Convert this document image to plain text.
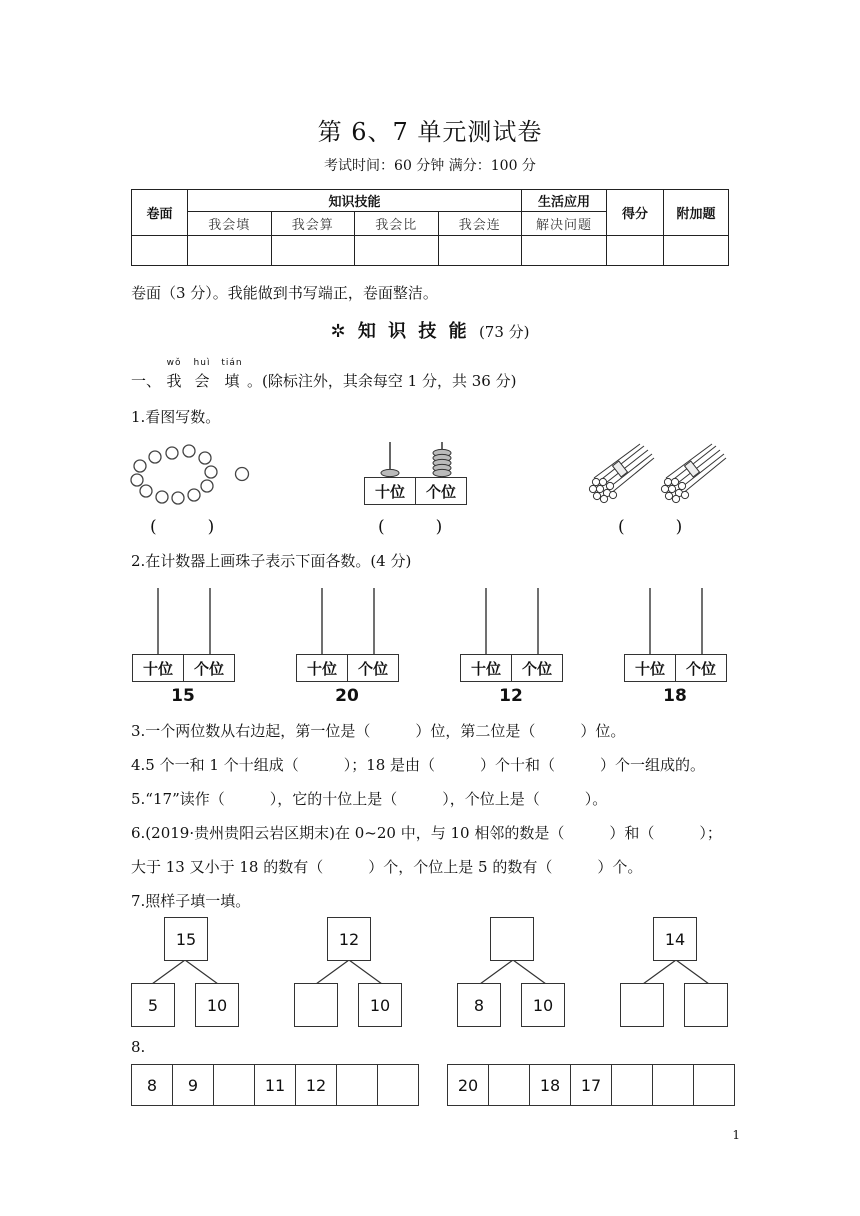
第 6、7 单元测试卷
考试时间：60 分钟 满分：100 分
卷面	知识技能				生活应用	得分	附加题
	我会填	我会算	我会比	我会连	解决问题		

卷面（3 分）。我能做到书写端正，卷面整洁。
✲ 知 识 技 能 (73 分)
一、
wǒ
我
huì
会
tián
填 。(除标注外，其余每空 1 分，共 36 分)
1.看图写数。
(　　　)
十位	个位
(　　　)	(　　　)
2.在计数器上画珠子表示下面各数。(4 分)
十位	个位	十位	个位	十位	个位	十位	个位
15	20	12	18
3.一个两位数从右边起，第一位是（　　　）位，第二位是（　　　）位。
4.5 个一和 1 个十组成（　　　）；18 是由（　　　）个十和（　　　）个一组成的。
5.“17”读作（　　　），它的十位上是（　　　），个位上是（　　　）。
6.(2019·贵州贵阳云岩区期末)在 0~20 中，与 10 相邻的数是（　　　）和（　　　）；
大于 13 又小于 18 的数有（　　　）个，个位上是 5 的数有（　　　）个。
7.照样子填一填。
15
5	10
12
10	8	10
14
8.
8	9	11	12	20	18	17
1
